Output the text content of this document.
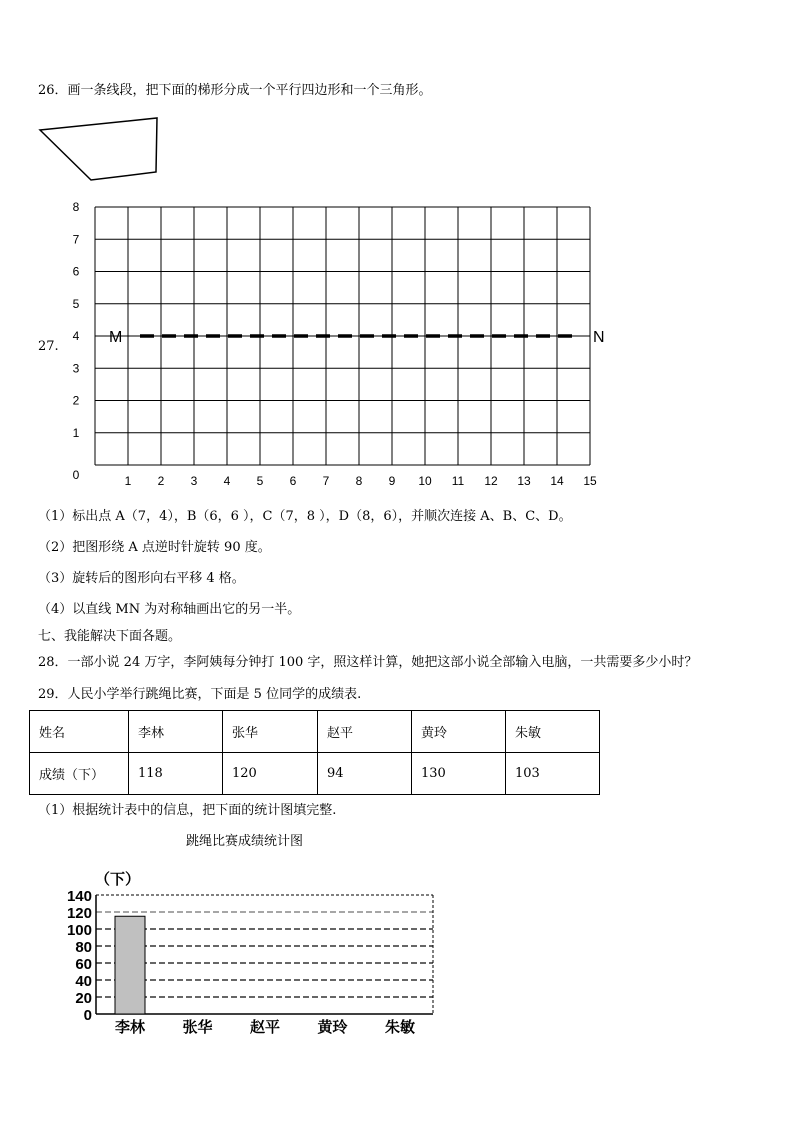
26．画一条线段，把下面的梯形分成一个平行四边形和一个三角形。
27.
1 2 3 4 5 6 7 8 9 10 11 12 13 14 15
8
7
6
5
4
3
2
1
0
M	N
（1）标出点 A（7，4），B（6，6 ），C（7，8 ），D（8，6），并顺次连接 A、B、C、D。
（2）把图形绕 A 点逆时针旋转 90 度。
（3）旋转后的图形向右平移 4 格。
（4）以直线 MN 为对称轴画出它的另一半。
七、我能解决下面各题。
28．一部小说 24 万字，李阿姨每分钟打 100 字，照这样计算，她把这部小说全部输入电脑，一共需要多少小时？
29．人民小学举行跳绳比赛，下面是 5 位同学的成绩表.
姓名	李林	张华	赵平	黄玲	朱敏
成绩（下）	118	120	94	130	103
（1）根据统计表中的信息，把下面的统计图填完整.
跳绳比赛成绩统计图
（下）
140
120
100
80
60
40
20
0
李林 张华 赵平 黄玲 朱敏
